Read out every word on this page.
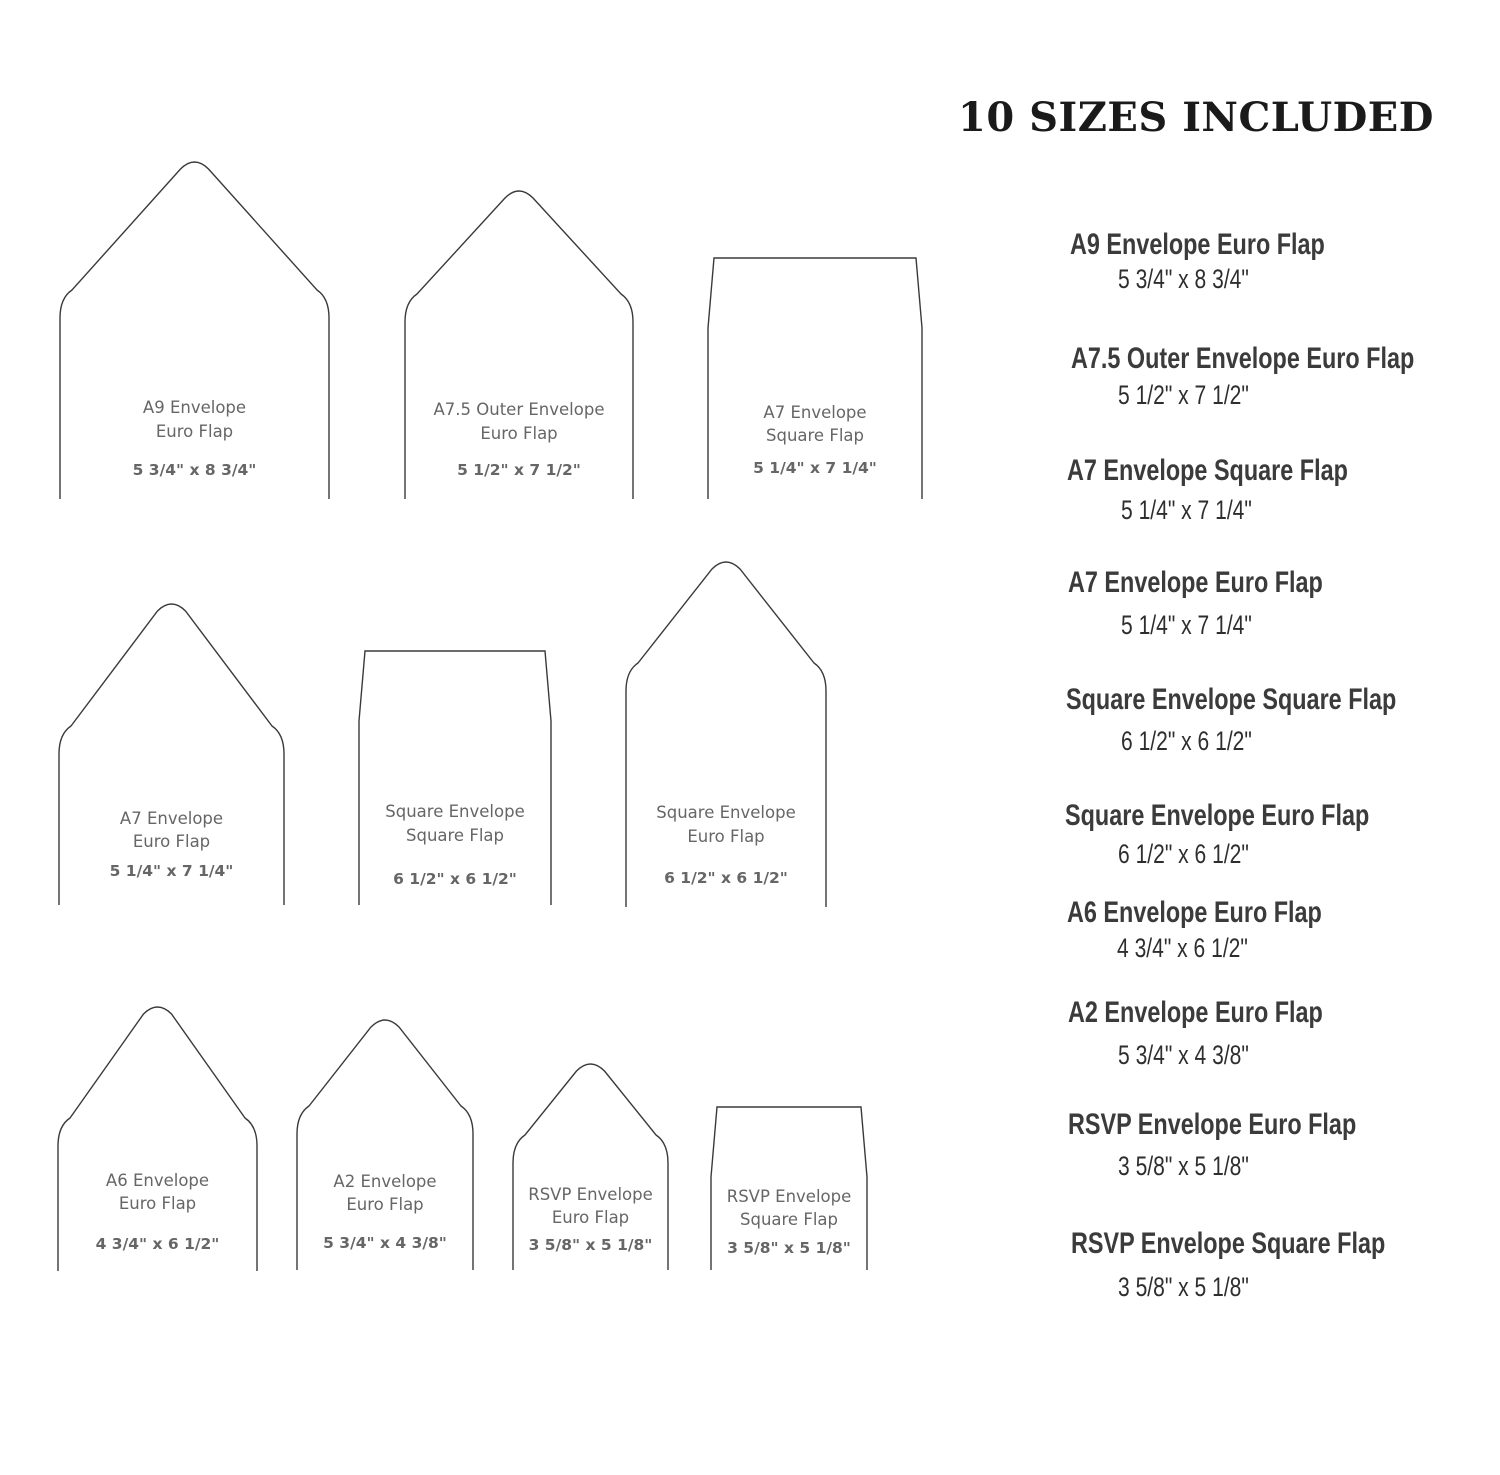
10 SIZES INCLUDED
A9 Envelope
Euro Flap
5 3/4" x 8 3/4"
A7.5 Outer Envelope
Euro Flap
5 1/2" x 7 1/2"
A7 Envelope
Square Flap
5 1/4" x 7 1/4"
A7 Envelope
Euro Flap
5 1/4" x 7 1/4"
Square Envelope
Square Flap
6 1/2" x 6 1/2"
Square Envelope
Euro Flap
6 1/2" x 6 1/2"
A6 Envelope
Euro Flap
4 3/4" x 6 1/2"
A2 Envelope
Euro Flap
5 3/4" x 4 3/8"
RSVP Envelope
Euro Flap
3 5/8" x 5 1/8"
RSVP Envelope
Square Flap
3 5/8" x 5 1/8"

A9 Envelope Euro Flap

5 3/4" x 8 3/4"

A7.5 Outer Envelope Euro Flap

5 1/2" x 7 1/2"

A7 Envelope Square Flap

5 1/4" x 7 1/4"

A7 Envelope Euro Flap

5 1/4" x 7 1/4"

Square Envelope Square Flap

6 1/2" x 6 1/2"

Square Envelope Euro Flap

6 1/2" x 6 1/2"

A6 Envelope Euro Flap

4 3/4" x 6 1/2"

A2 Envelope Euro Flap

5 3/4" x 4 3/8"

RSVP Envelope Euro Flap

3 5/8" x 5 1/8"

RSVP Envelope Square Flap

3 5/8" x 5 1/8"
